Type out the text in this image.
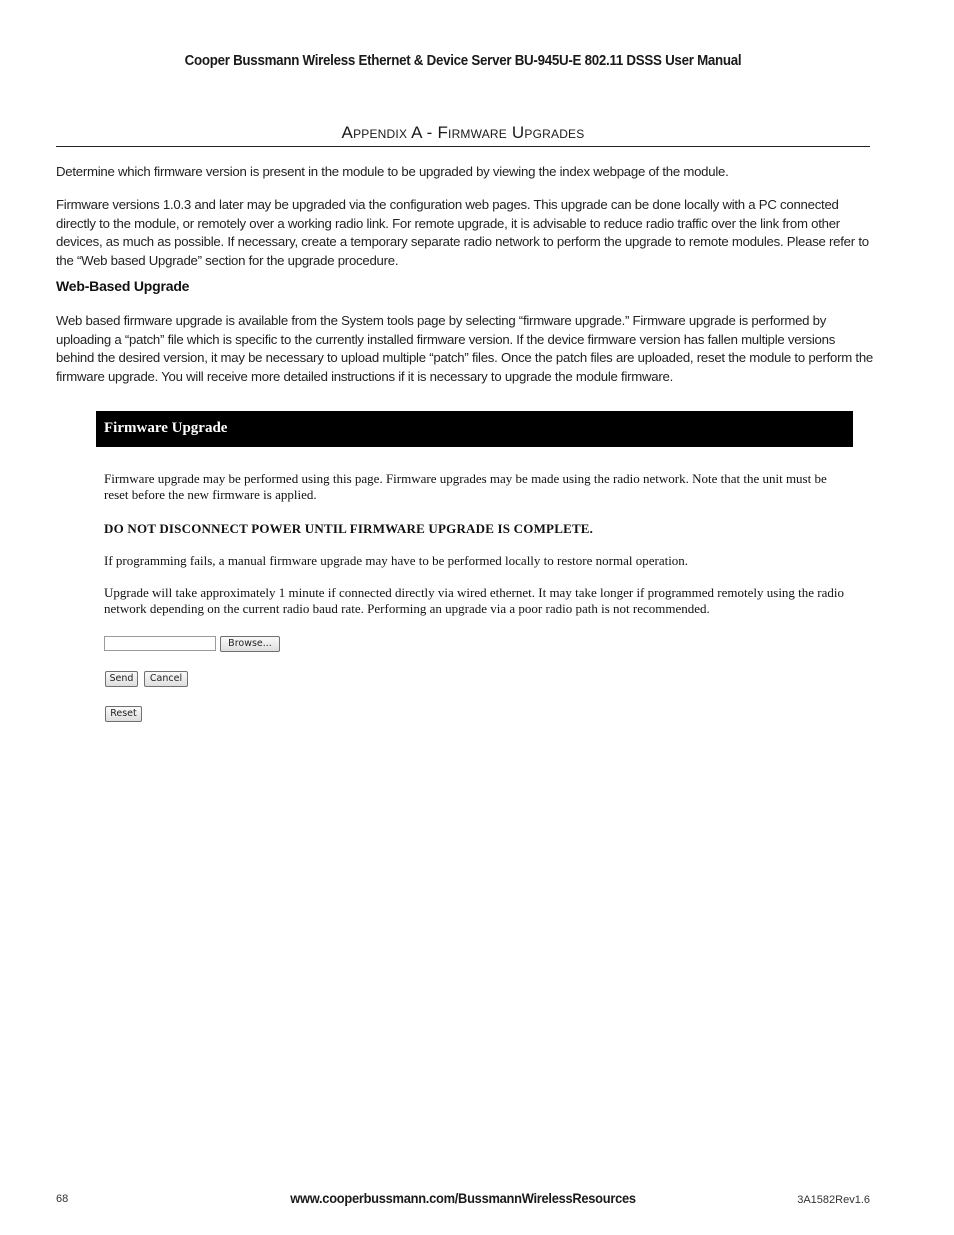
Cooper Bussmann Wireless Ethernet & Device Server BU-945U-E 802.11 DSSS User Manual
Appendix A - Firmware Upgrades

Determine which firmware version is present in the module to be upgraded by viewing the index webpage of the module.

Firmware versions 1.0.3 and later may be upgraded via the configuration web pages. This upgrade can be done locally with a PC connected directly to the module, or remotely over a working radio link. For remote upgrade, it is advisable to reduce radio traffic over the link from other devices, as much as possible. If necessary, create a temporary separate radio network to perform the upgrade to remote modules. Please refer to the “Web based Upgrade” section for the upgrade procedure.

Web-Based Upgrade

Web based firmware upgrade is available from the System tools page by selecting “firmware upgrade.” Firmware upgrade is performed by uploading a “patch” file which is specific to the currently installed firmware version. If the device firmware version has fallen multiple versions behind the desired version, it may be necessary to upload multiple “patch” files. Once the patch files are uploaded, reset the module to perform the firmware upgrade. You will receive more detailed instructions if it is necessary to upgrade the module firmware.

Firmware Upgrade

Firmware upgrade may be performed using this page. Firmware upgrades may be made using the radio network. Note that the unit must be reset before the new firmware is applied.

DO NOT DISCONNECT POWER UNTIL FIRMWARE UPGRADE IS COMPLETE.

If programming fails, a manual firmware upgrade may have to be performed locally to restore normal operation.

Upgrade will take approximately 1 minute if connected directly via wired ethernet. It may take longer if programmed remotely using the radio network depending on the current radio baud rate. Performing an upgrade via a poor radio path is not recommended.

Browse...
Send	Cancel
Reset
68	www.cooperbussmann.com/BussmannWirelessResources	3A1582Rev1.6
